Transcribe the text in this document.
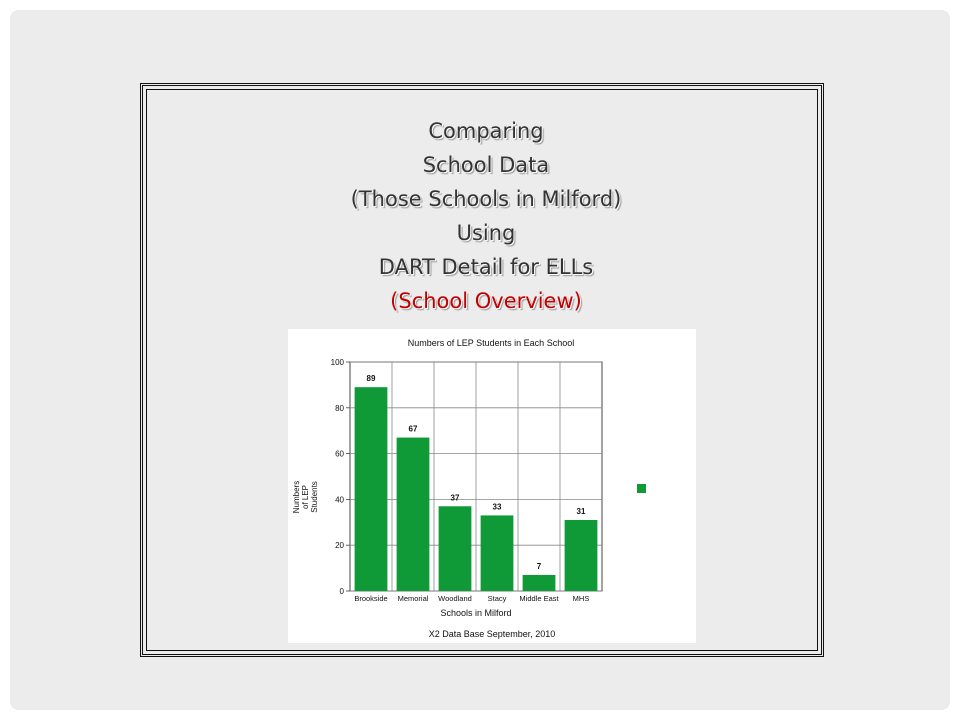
Comparing
School Data
(Those Schools in Milford)
Using
DART Detail for ELLs
(School Overview)
Numbers of LEP Students in Each School
0
20
40
60
80
100
89
Brookside
67
Memorial
37
Woodland
33
Stacy
7
Middle East
31
MHS
Schools in Milford
X2 Data Base September, 2010
Numbers of LEP Students
